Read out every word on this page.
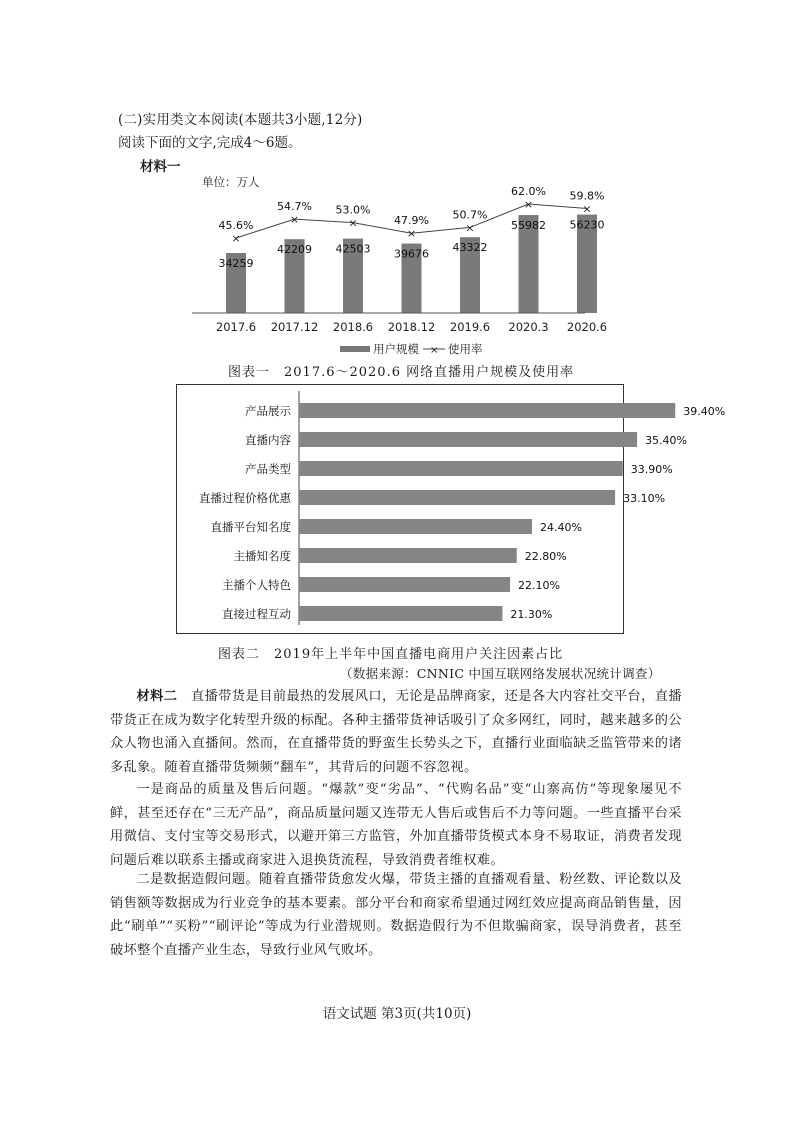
(二)实用类文本阅读(本题共3小题,12分)
阅读下面的文字,完成4～6题。
材料一
单位：万人
34259
42209 42503 39676 43322
55982 56230
×
45.6%	×
54.7%
×
53.0%
×
47.9%
×
50.7%
×
62.0%
×
59.8%
2017.6 2017.12 2018.6 2018.12 2019.6 2020.3 2020.6
用户规模 × 使用率
图表一　2017.6～2020.6 网络直播用户规模及使用率
产品展示	39.40%
直播内容	35.40%
产品类型	33.90%
直播过程价格优惠	33.10%
直播平台知名度	24.40%
主播知名度	22.80%
主播个人特色	22.10%
直接过程互动	21.30%
图表二　2019年上半年中国直播电商用户关注因素占比
（数据来源：CNNIC 中国互联网络发展状况统计调查）
材料二　 直播带货是目前最热的发展风口，无论是品牌商家，还是各大内容社交平台，直播带货正在成为数字化转型升级的标配。各种主播带货神话吸引了众多网红，同时，越来越多的公众人物也涌入直播间。然而，在直播带货的野蛮生长势头之下，直播行业面临缺乏监管带来的诸多乱象。随着直播带货频频“翻车”，其背后的问题不容忽视。
一是商品的质量及售后问题。“爆款”变“劣品”、“代购名品”变“山寨高仿”等现象屡见不鲜，甚至还存在“三无产品”，商品质量问题又连带无人售后或售后不力等问题。一些直播平台采用微信、支付宝等交易形式，以避开第三方监管，外加直播带货模式本身不易取证，消费者发现问题后难以联系主播或商家进入退换货流程，导致消费者维权难。
二是数据造假问题。随着直播带货愈发火爆，带货主播的直播观看量、粉丝数、评论数以及销售额等数据成为行业竞争的基本要素。部分平台和商家希望通过网红效应提高商品销售量，因此“刷单”“买粉”“刷评论”等成为行业潜规则。数据造假行为不但欺骗商家，误导消费者，甚至破坏整个直播产业生态，导致行业风气败坏。
语文试题 第3页(共10页)
